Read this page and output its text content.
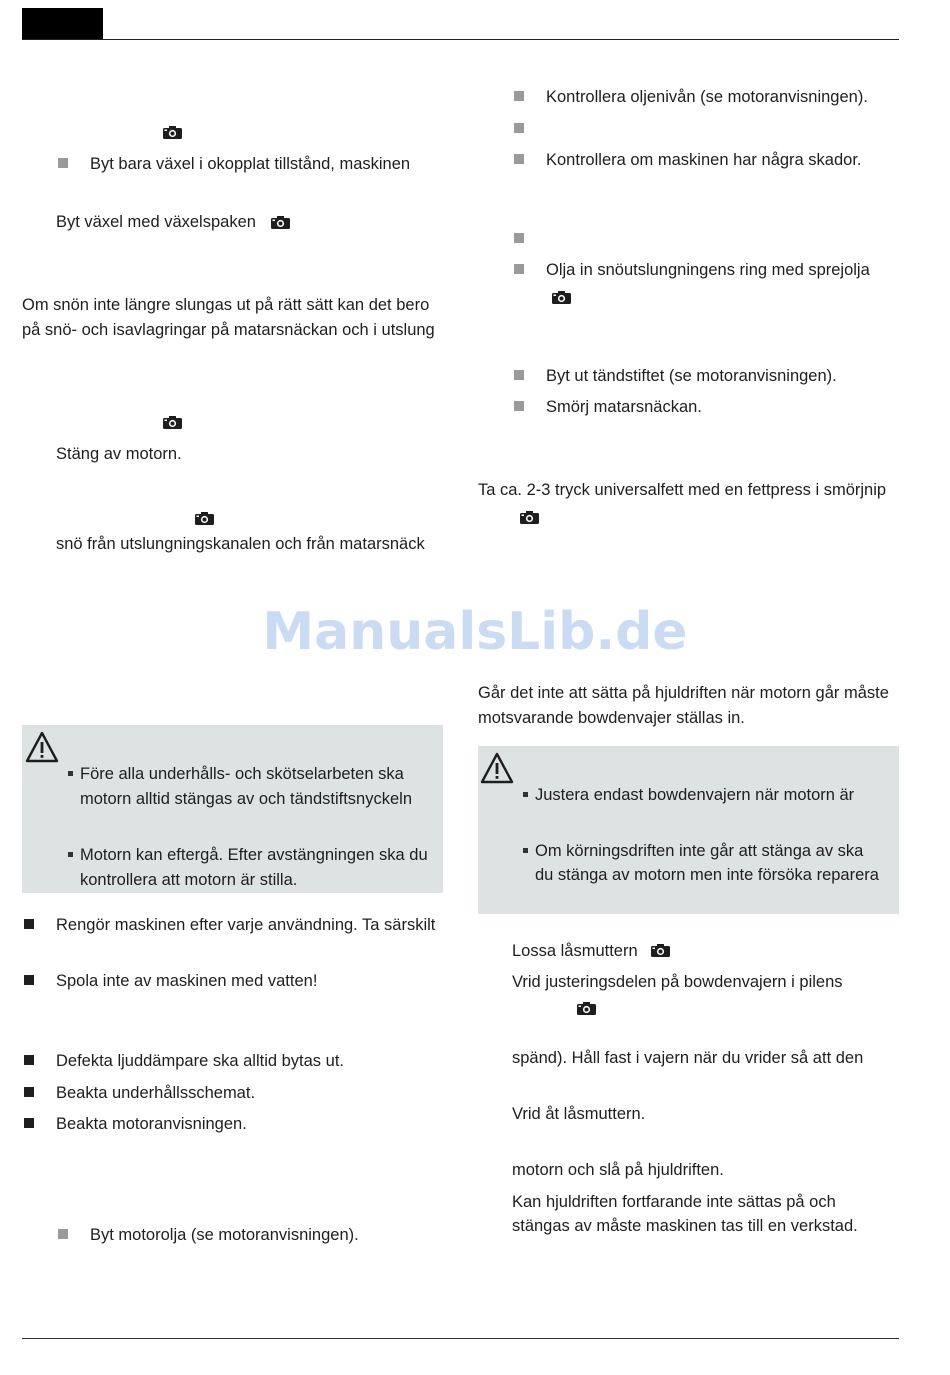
Byt bara växel i okopplat tillstånd, maskinen
Byt växel med växelspaken
Om snön inte längre slungas ut på rätt sätt kan det bero
på snö- och isavlagringar på matarsnäckan och i utslung
Stäng av motorn.
snö från utslungningskanalen och från matarsnäck
Före alla underhålls- och skötselarbeten ska
motorn alltid stängas av och tändstiftsnyckeln
Motorn kan eftergå. Efter avstängningen ska du
kontrollera att motorn är stilla.
Rengör maskinen efter varje användning. Ta särskilt
Spola inte av maskinen med vatten!
Defekta ljuddämpare ska alltid bytas ut.
Beakta underhållsschemat.
Beakta motoranvisningen.
Byt motorolja (se motoranvisningen).
Kontrollera oljenivån (se motoranvisningen).
Kontrollera om maskinen har några skador.
Olja in snöutslungningens ring med sprejolja
Byt ut tändstiftet (se motoranvisningen).
Smörj matarsnäckan.
Ta ca. 2-3 tryck universalfett med en fettpress i smörjnip
Går det inte att sätta på hjuldriften när motorn går måste
motsvarande bowdenvajer ställas in.
Justera endast bowdenvajern när motorn är
Om körningsdriften inte går att stänga av ska
du stänga av motorn men inte försöka reparera
Lossa låsmuttern
Vrid justeringsdelen på bowdenvajern i pilens
spänd). Håll fast i vajern när du vrider så att den
Vrid åt låsmuttern.
motorn och slå på hjuldriften.
Kan hjuldriften fortfarande inte sättas på och
stängas av måste maskinen tas till en verkstad.
ManualsLib.de
